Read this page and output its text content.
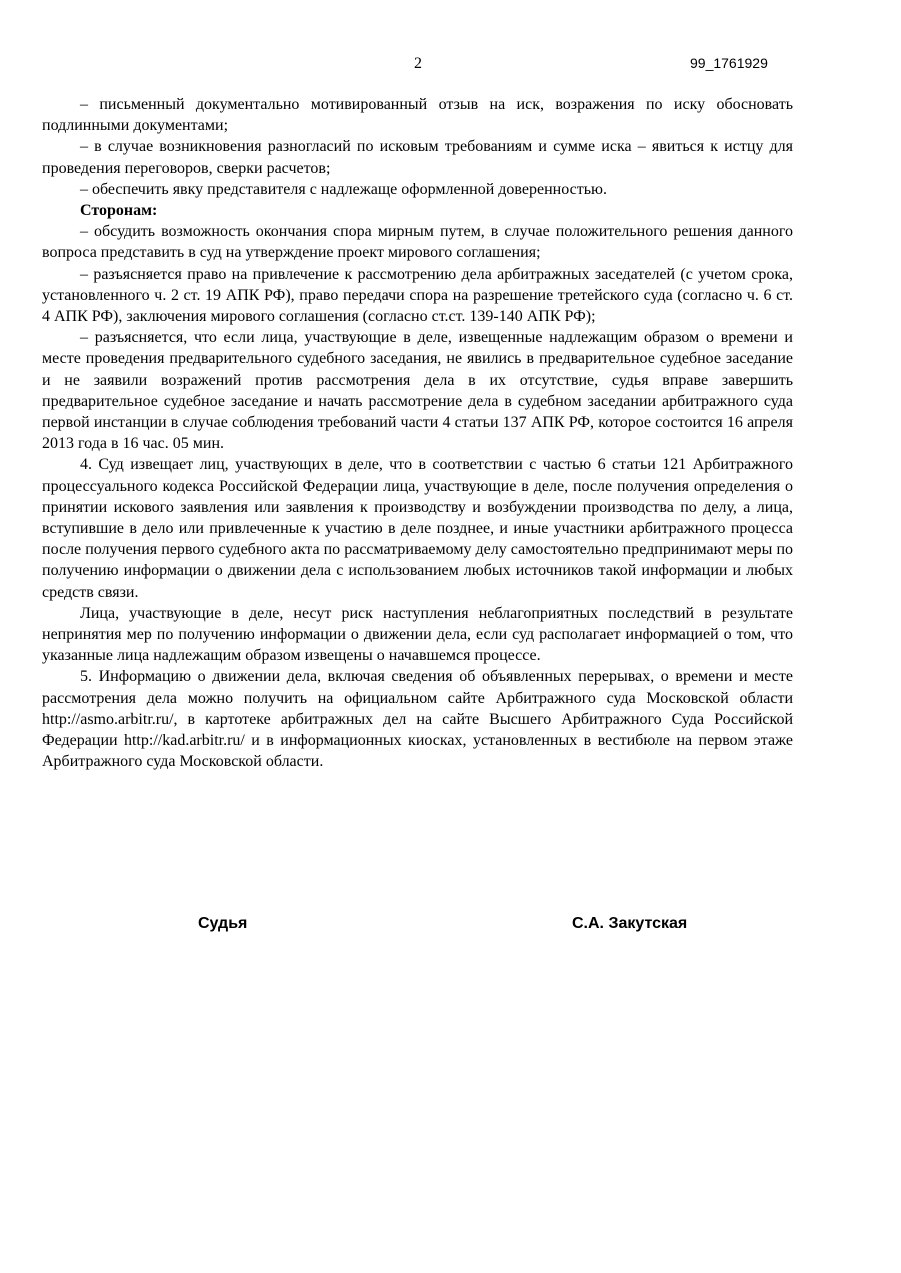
2	99_1761929

– письменный документально мотивированный отзыв на иск, возражения по иску обосновать подлинными документами;

– в случае возникновения разногласий по исковым требованиям и сумме иска – явиться к истцу для проведения переговоров, сверки расчетов;

– обеспечить явку представителя с надлежаще оформленной доверенностью.

Сторонам:

– обсудить возможность окончания спора мирным путем, в случае положительного решения данного вопроса представить в суд на утверждение проект мирового соглашения;

– разъясняется право на привлечение к рассмотрению дела арбитражных заседателей (с учетом срока, установленного ч. 2 ст. 19 АПК РФ), право передачи спора на разрешение третейского суда (согласно ч. 6 ст. 4 АПК РФ), заключения мирового соглашения (согласно ст.ст. 139-140 АПК РФ);

– разъясняется, что если лица, участвующие в деле, извещенные надлежащим образом о времени и месте проведения предварительного судебного заседания, не явились в предварительное судебное заседание и не заявили возражений против рассмотрения дела в их отсутствие, судья вправе завершить предварительное судебное заседание и начать рассмотрение дела в судебном заседании арбитражного суда первой инстанции в случае соблюдения требований части 4 статьи 137 АПК РФ, которое состоится 16 апреля 2013 года в 16 час. 05 мин.

4. Суд извещает лиц, участвующих в деле, что в соответствии с частью 6 статьи 121 Арбитражного процессуального кодекса Российской Федерации лица, участвующие в деле, после получения определения о принятии искового заявления или заявления к производству и возбуждении производства по делу, а лица, вступившие в дело или привлеченные к участию в деле позднее, и иные участники арбитражного процесса после получения первого судебного акта по рассматриваемому делу самостоятельно предпринимают меры по получению информации о движении дела с использованием любых источников такой информации и любых средств связи.

Лица, участвующие в деле, несут риск наступления неблагоприятных последствий в результате непринятия мер по получению информации о движении дела, если суд располагает информацией о том, что указанные лица надлежащим образом извещены о начавшемся процессе.

5. Информацию о движении дела, включая сведения об объявленных перерывах, о времени и месте рассмотрения дела можно получить на официальном сайте Арбитражного суда Московской области http://asmo.arbitr.ru/, в картотеке арбитражных дел на сайте Высшего Арбитражного Суда Российской Федерации http://kad.arbitr.ru/ и в информационных киосках, установленных в вестибюле на первом этаже Арбитражного суда Московской области.

Судья	С.А. Закутская
